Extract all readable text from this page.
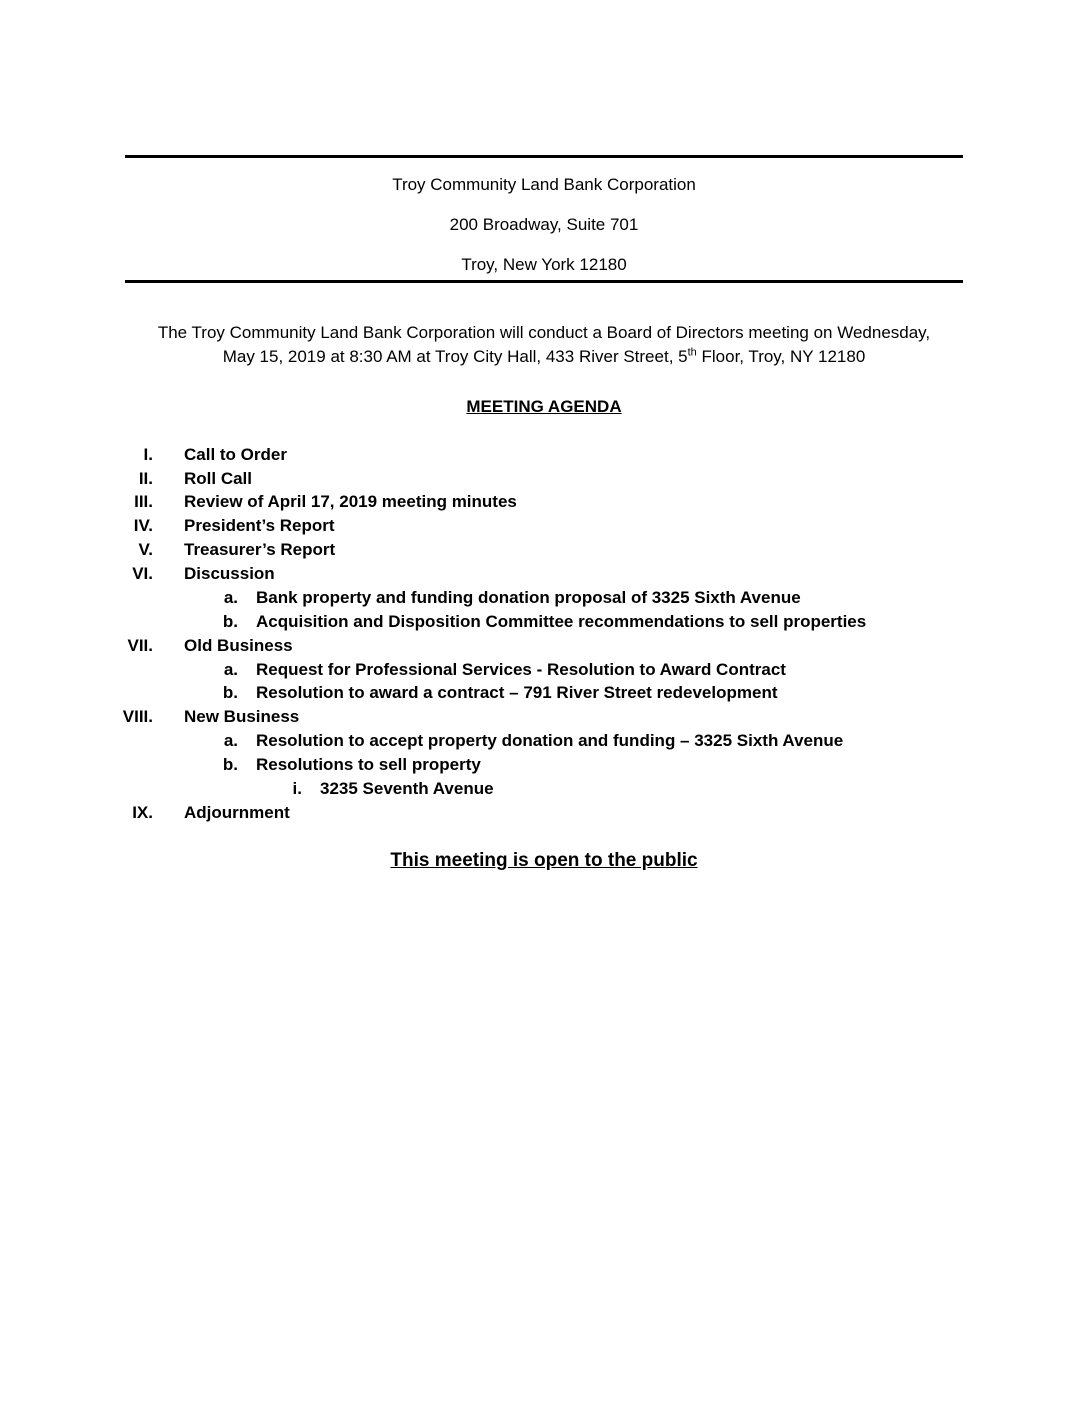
Troy Community Land Bank Corporation
200 Broadway, Suite 701
Troy, New York 12180
The Troy Community Land Bank Corporation will conduct a Board of Directors meeting on Wednesday,
May 15, 2019 at 8:30 AM at Troy City Hall, 433 River Street, 5th Floor, Troy, NY 12180
MEETING AGENDA
I. Call to Order
II. Roll Call
III. Review of April 17, 2019 meeting minutes
IV. President’s Report
V. Treasurer’s Report
VI. Discussion
a. Bank property and funding donation proposal of 3325 Sixth Avenue
b. Acquisition and Disposition Committee recommendations to sell properties
VII. Old Business
a. Request for Professional Services - Resolution to Award Contract
b. Resolution to award a contract – 791 River Street redevelopment
VIII. New Business
a. Resolution to accept property donation and funding – 3325 Sixth Avenue
b. Resolutions to sell property
i. 3235 Seventh Avenue
IX. Adjournment
This meeting is open to the public
